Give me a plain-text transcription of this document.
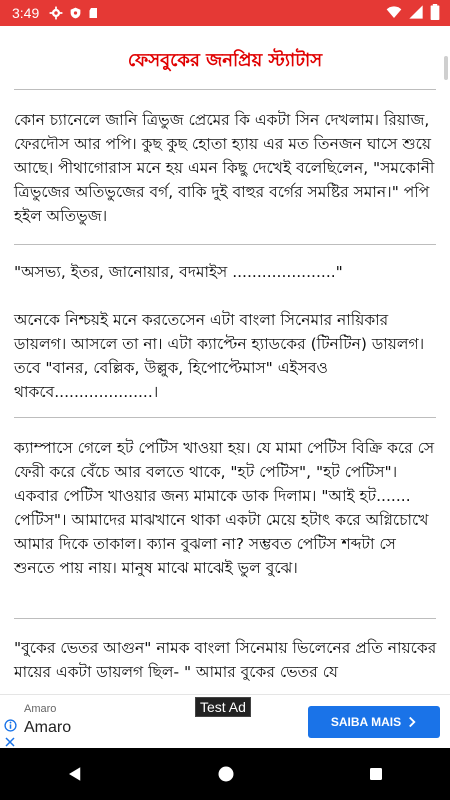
3:49
ফেসবুকের জনপ্রিয় স্ট্যাটাস

কোন চ্যানেলে জানি ত্রিভুজ প্রেমের কি একটা সিন দেখলাম। রিয়াজ, ফেরদৌস আর পপি। কুছ কুছ হোতা হ্যায় এর মত তিনজন ঘাসে শুয়ে আছে। পীথাগোরাস মনে হয় এমন কিছু দেখেই বলেছিলেন, "সমকোনী ত্রিভুজের অতিভুজের বর্গ, বাকি দুই বাহুর বর্গের সমষ্টির সমান।" পপি হইল অতিভুজ।

"অসভ্য, ইতর, জানোয়ার, বদমাইস ....................."

অনেকে নিশ্চয়ই মনে করতেসেন এটা বাংলা সিনেমার নায়িকার ডায়লগ। আসলে তা না। এটা ক্যাপ্টেন হ্যাডকের (টিনটিন) ডায়লগ। তবে "বানর, বেল্লিক, উল্লুক, হিপোপ্টেমাস" এইসবও থাকবে....................।

ক্যাম্পাসে গেলে হট পেটিস খাওয়া হয়। যে মামা পেটিস বিক্রি করে সে ফেরী করে বেঁচে আর বলতে থাকে, "হট পেটিস", "হট পেটিস"। একবার পেটিস খাওয়ার জন্য মামাকে ডাক দিলাম। "আই হট....... পেটিস"। আমাদের মাঝখানে থাকা একটা মেয়ে হটাৎ করে অগ্নিচোখে আমার দিকে তাকাল। ক্যান বুঝলা না? সম্ভবত পেটিস শব্দটা সে শুনতে পায় নায়। মানুষ মাঝে মাঝেই ভুল বুঝে।

"বুকের ভেতর আগুন" নামক বাংলা সিনেমায় ভিলেনের প্রতি নায়কের মায়ের একটা ডায়লগ ছিল- " আমার বুকের ভেতর যে

Amaro
Amaro
Test Ad
SAIBA MAIS
